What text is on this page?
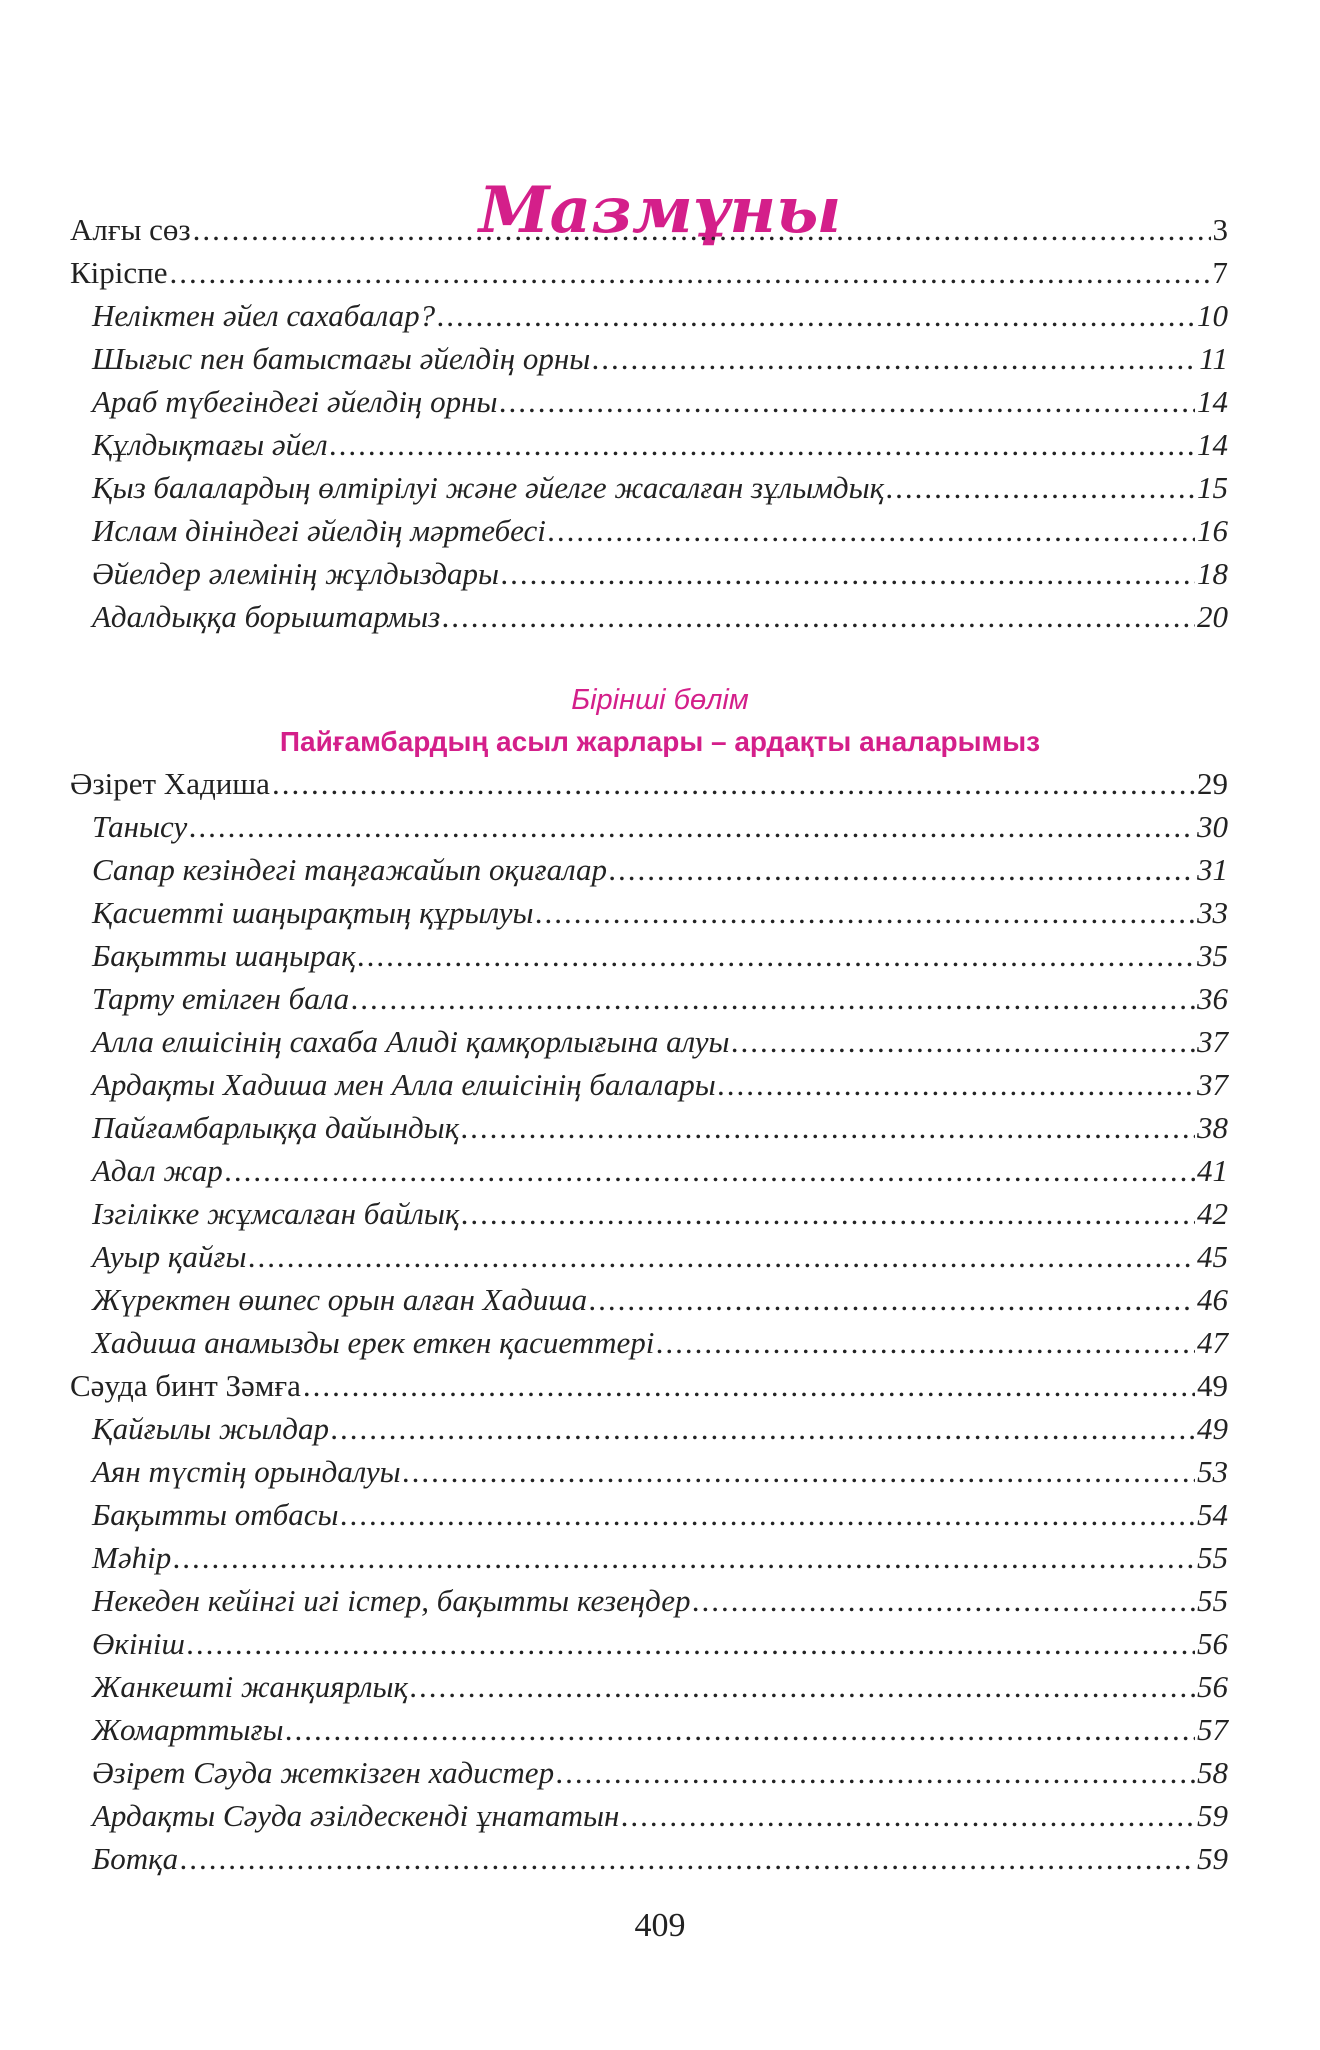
Мазмұны
Алғы сөз .....	3
Кіріспе .....	7
Неліктен әйел сахабалар? .....	10
Шығыс пен батыстағы әйелдің орны .....	11
Араб түбегіндегі әйелдің орны .....	14
Құлдықтағы әйел .....	14
Қыз балалардың өлтірілуі және әйелге жасалған зұлымдық .....	15
Ислам дініндегі әйелдің мәртебесі .....	16
Әйелдер әлемінің жұлдыздары .....	18
Адалдыққа борыштармыз .....	20
Бірінші бөлім
Пайғамбардың асыл жарлары – ардақты аналарымыз
Әзірет Хадиша .....	29
Танысу .....	30
Сапар кезіндегі таңғажайып оқиғалар .....	31
Қасиетті шаңырақтың құрылуы .....	33
Бақытты шаңырақ .....	35
Тарту етілген бала .....	36
Алла елшісінің сахаба Алиді қамқорлығына алуы .....	37
Ардақты Хадиша мен Алла елшісінің балалары .....	37
Пайғамбарлыққа дайындық .....	38
Адал жар .....	41
Ізгілікке жұмсалған байлық .....	42
Ауыр қайғы .....	45
Жүректен өшпес орын алған Хадиша .....	46
Хадиша анамызды ерек еткен қасиеттері .....	47
Сәуда бинт Зәмға .....	49
Қайғылы жылдар .....	49
Аян түстің орындалуы .....	53
Бақытты отбасы .....	54
Мәһір .....	55
Некеден кейінгі игі істер, бақытты кезеңдер .....	55
Өкініш .....	56
Жанкешті жанқиярлық .....	56
Жомарттығы .....	57
Әзірет Сәуда жеткізген хадистер .....	58
Ардақты Сәуда әзілдескенді ұнататын .....	59
Ботқа .....	59
409
